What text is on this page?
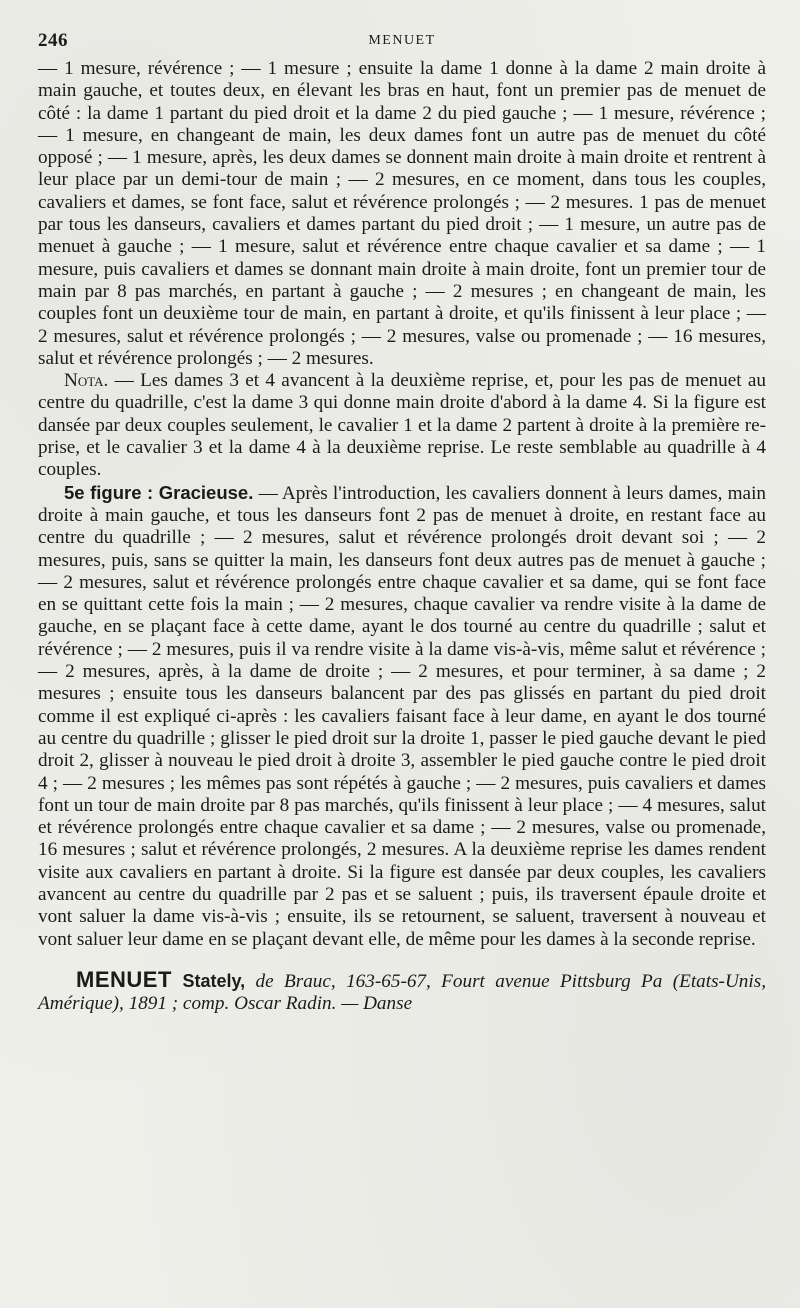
246	MENUET

— 1 mesure, révérence ; — 1 mesure ; ensuite la dame 1 donne à la dame 2 main droite à main gauche, et toutes deux, en élevant les bras en haut, font un premier pas de menuet de côté : la dame 1 partant du pied droit et la dame 2 du pied gauche ; — 1 mesure, révérence ; — 1 mesure, en changeant de main, les deux dames font un autre pas de menuet du côté opposé ; — 1 mesure, après, les deux dames se donnent main droite à main droite et rentrent à leur place par un demi-tour de main ; — 2 mesures, en ce moment, dans tous les couples, cavaliers et dames, se font face, salut et révérence prolongés ; — 2 mesures. 1 pas de menuet par tous les danseurs, cavaliers et dames partant du pied droit ; — 1 mesure, un autre pas de menuet à gauche ; — 1 mesure, salut et révérence entre chaque cavalier et sa dame ; — 1 mesure, puis cavaliers et dames se donnant main droite à main droite, font un premier tour de main par 8 pas marchés, en partant à gauche ; — 2 mesures ; en changeant de main, les couples font un deuxième tour de main, en partant à droite, et qu'ils finissent à leur place ; — 2 mesures, salut et révérence prolongés ; — 2 mesures, valse ou promenade ; — 16 mesures, salut et révérence prolongés ; — 2 mesures.

Nota. — Les dames 3 et 4 avancent à la deuxième reprise, et, pour les pas de menuet au centre du quadrille, c'est la dame 3 qui donne main droite d'abord à la dame 4. Si la figure est dansée par deux couples seulement, le cavalier 1 et la dame 2 partent à droite à la première reprise, et le cavalier 3 et la dame 4 à la deuxième reprise. Le reste semblable au quadrille à 4 couples.

5e figure : Gracieuse. — Après l'introduction, les cavaliers donnent à leurs dames, main droite à main gauche, et tous les danseurs font 2 pas de menuet à droite, en restant face au centre du quadrille ; — 2 mesures, salut et révérence prolongés droit devant soi ; — 2 mesures, puis, sans se quitter la main, les danseurs font deux autres pas de menuet à gauche ; — 2 mesures, salut et révérence prolongés entre chaque cavalier et sa dame, qui se font face en se quittant cette fois la main ; — 2 mesures, chaque cavalier va rendre visite à la dame de gauche, en se plaçant face à cette dame, ayant le dos tourné au centre du quadrille ; salut et révérence ; — 2 mesures, puis il va rendre visite à la dame vis-à-vis, même salut et révérence ; — 2 mesures, après, à la dame de droite ; — 2 mesures, et pour terminer, à sa dame ; 2 mesures ; ensuite tous les danseurs balancent par des pas glissés en partant du pied droit comme il est expliqué ci-après : les cavaliers faisant face à leur dame, en ayant le dos tourné au centre du quadrille ; glisser le pied droit sur la droite 1, passer le pied gauche devant le pied droit 2, glisser à nouveau le pied droit à droite 3, assembler le pied gauche contre le pied droit 4 ; — 2 mesures ; les mêmes pas sont répétés à gauche ; — 2 mesures, puis cavaliers et dames font un tour de main droite par 8 pas marchés, qu'ils finissent à leur place ; — 4 mesures, salut et révérence prolongés entre chaque cavalier et sa dame ; — 2 mesures, valse ou promenade, 16 mesures ; salut et révérence prolongés, 2 mesures. A la deuxième reprise les dames rendent visite aux cavaliers en partant à droite. Si la figure est dansée par deux couples, les cavaliers avancent au centre du quadrille par 2 pas et se saluent ; puis, ils traversent épaule droite et vont saluer la dame vis-à-vis ; ensuite, ils se retournent, se saluent, traversent à nouveau et vont saluer leur dame en se plaçant devant elle, de même pour les dames à la seconde reprise.

MENUET Stately, de Brauc, 163-65-67, Fourt avenue Pittsburg Pa (Etats-Unis, Amérique), 1891 ; comp. Oscar Radin. — Danse
